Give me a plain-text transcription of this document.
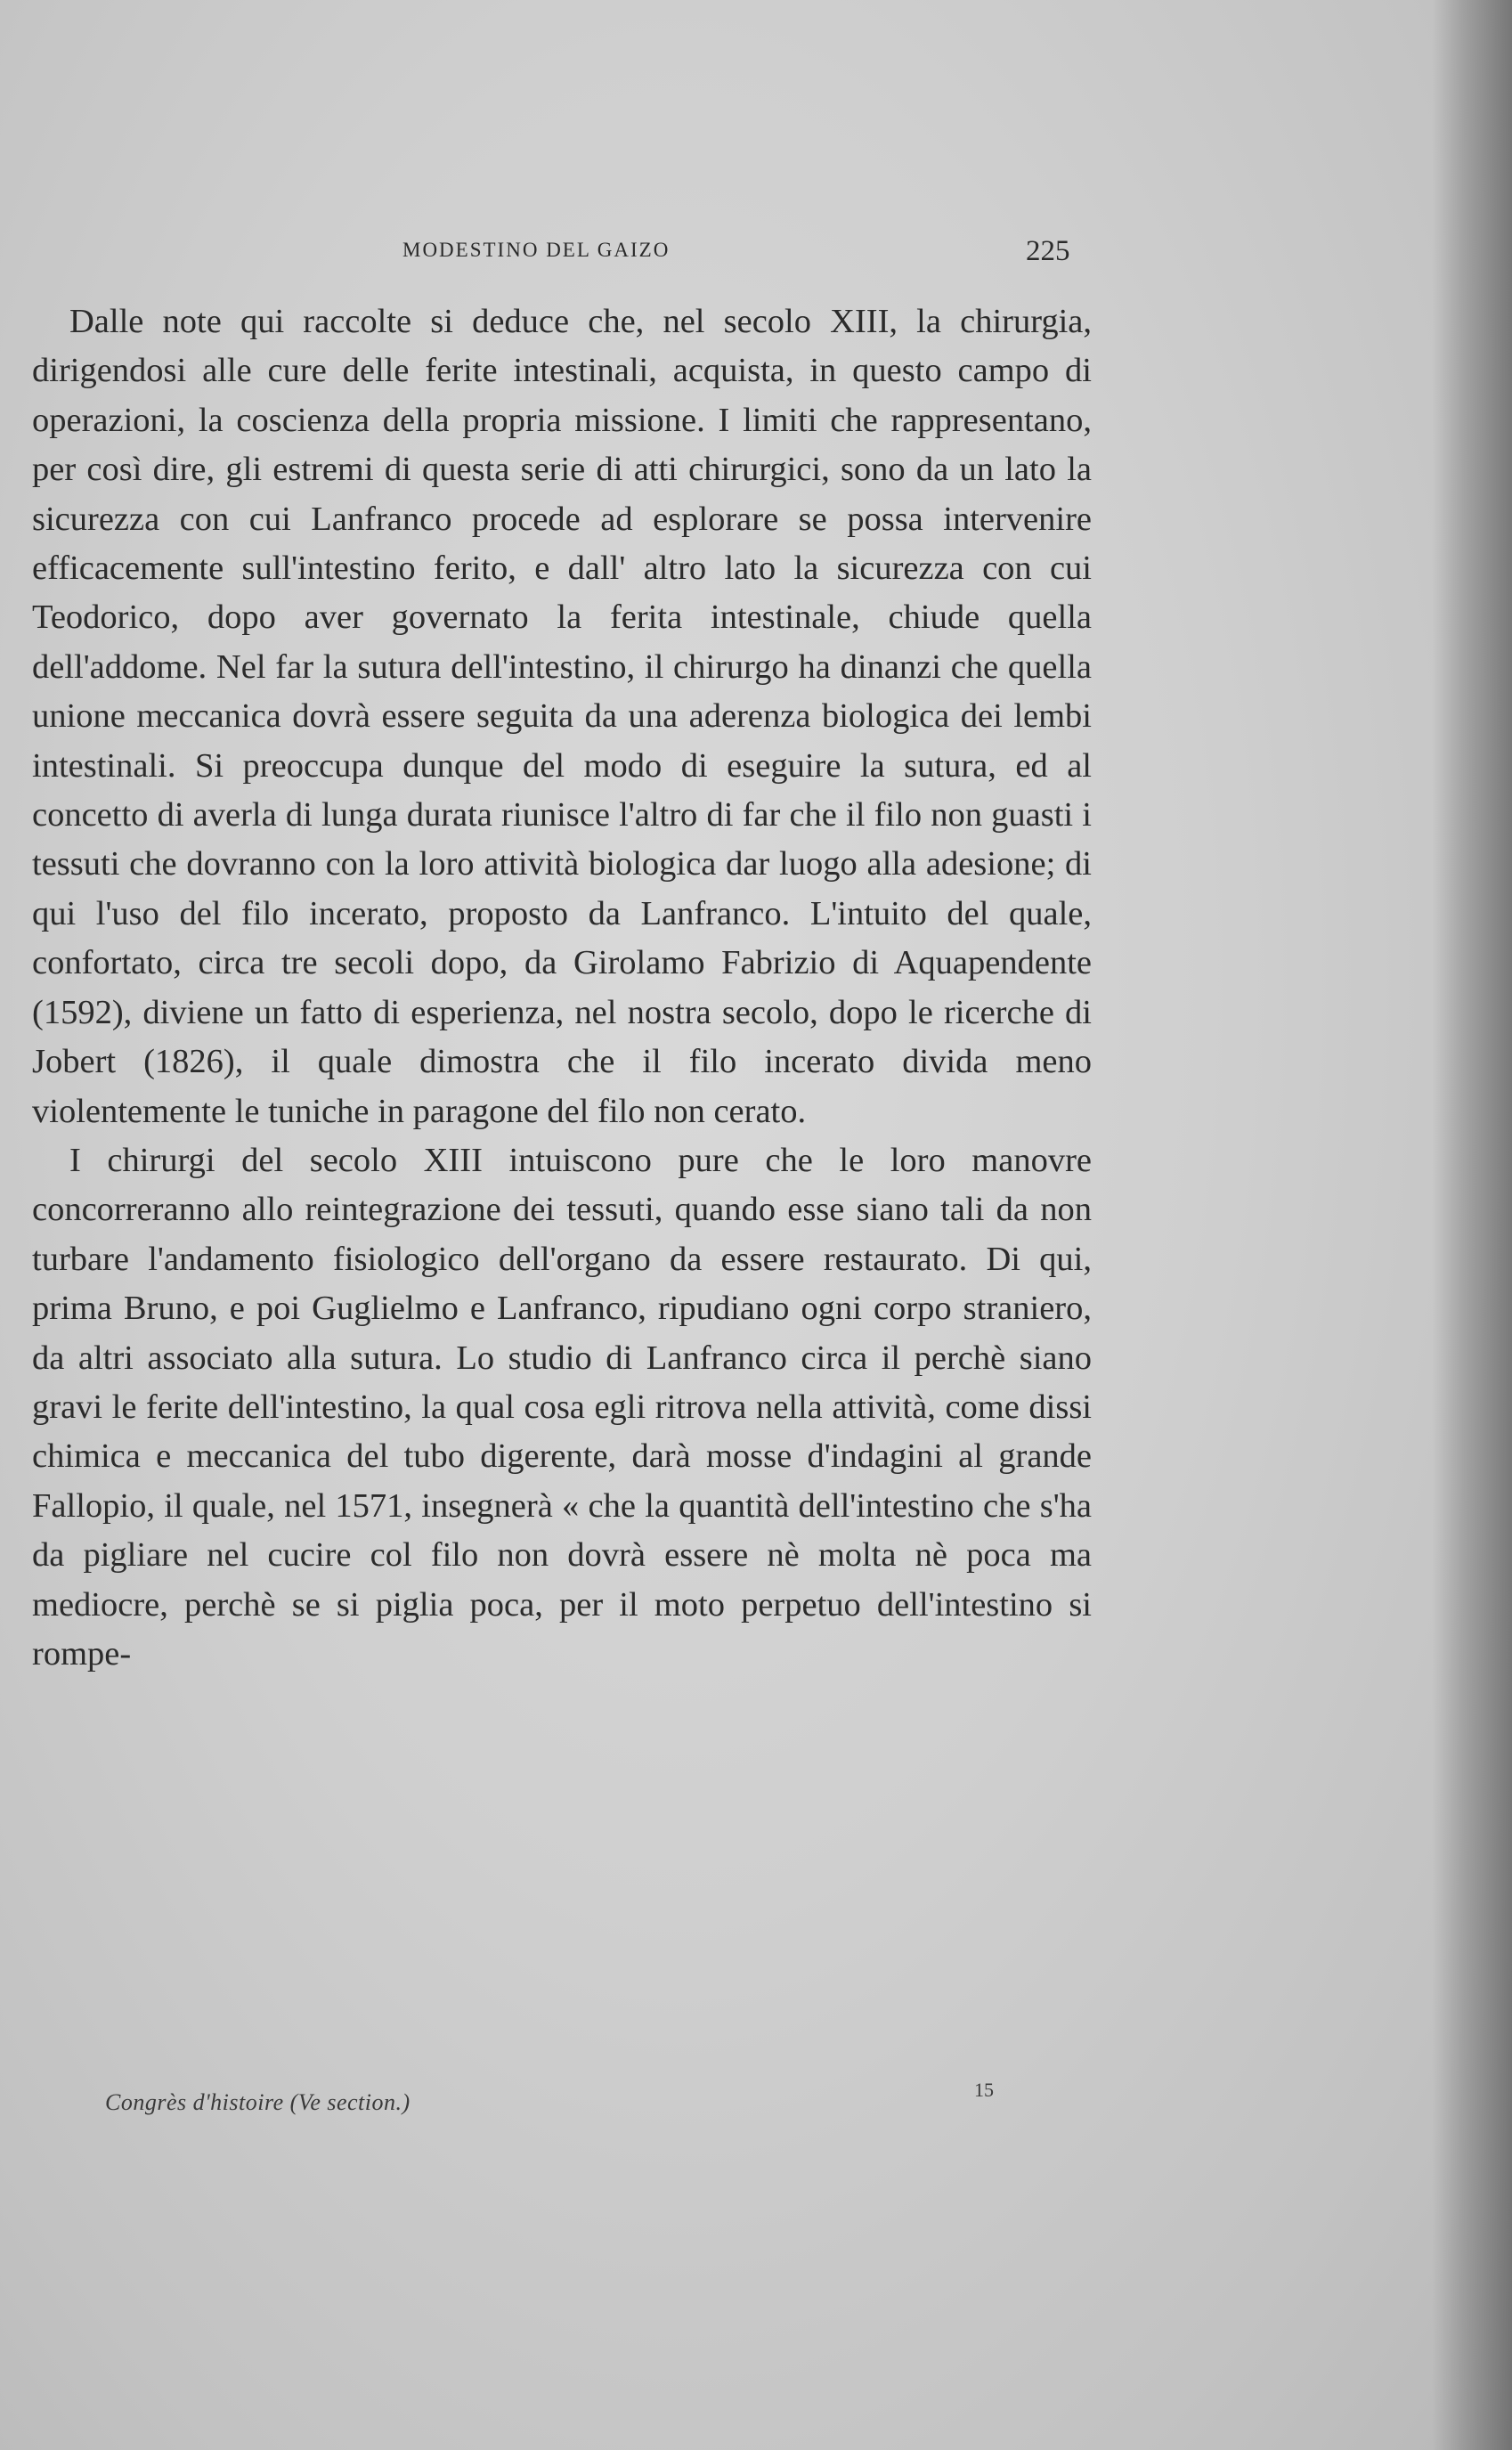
MODESTINO DEL GAIZO	225

Dalle note qui raccolte si deduce che, nel secolo XIII, la chirurgia, dirigendosi alle cure delle ferite intestinali, acquista, in questo campo di operazioni, la coscienza della propria missione. I limiti che rappresentano, per così dire, gli estremi di questa serie di atti chirurgici, sono da un lato la sicurezza con cui Lanfranco procede ad esplorare se possa intervenire efficacemente sull'intestino ferito, e dall' altro lato la sicurezza con cui Teodorico, dopo aver governato la ferita intestinale, chiude quella dell'addome. Nel far la sutura dell'intestino, il chirurgo ha dinanzi che quella unione meccanica dovrà essere seguita da una aderenza biologica dei lembi intestinali. Si preoccupa dunque del modo di eseguire la sutura, ed al concetto di averla di lunga durata riunisce l'altro di far che il filo non guasti i tessuti che dovranno con la loro attività biologica dar luogo alla adesione; di qui l'uso del filo incerato, proposto da Lanfranco. L'intuito del quale, confortato, circa tre secoli dopo, da Girolamo Fabrizio di Aquapendente (1592), diviene un fatto di esperienza, nel nostra secolo, dopo le ricerche di Jobert (1826), il quale dimostra che il filo incerato divida meno violentemente le tuniche in paragone del filo non cerato.

I chirurgi del secolo XIII intuiscono pure che le loro manovre concorreranno allo reintegrazione dei tessuti, quando esse siano tali da non turbare l'andamento fisiologico dell'organo da essere restaurato. Di qui, prima Bruno, e poi Guglielmo e Lanfranco, ripudiano ogni corpo straniero, da altri associato alla sutura. Lo studio di Lanfranco circa il perchè siano gravi le ferite dell'intestino, la qual cosa egli ritrova nella attività, come dissi chimica e meccanica del tubo digerente, darà mosse d'indagini al grande Fallopio, il quale, nel 1571, insegnerà « che la quantità dell'intestino che s'ha da pigliare nel cucire col filo non dovrà essere nè molta nè poca ma mediocre, perchè se si piglia poca, per il moto perpetuo dell'intestino si rompe-

Congrès d'histoire (Ve section.)	15
